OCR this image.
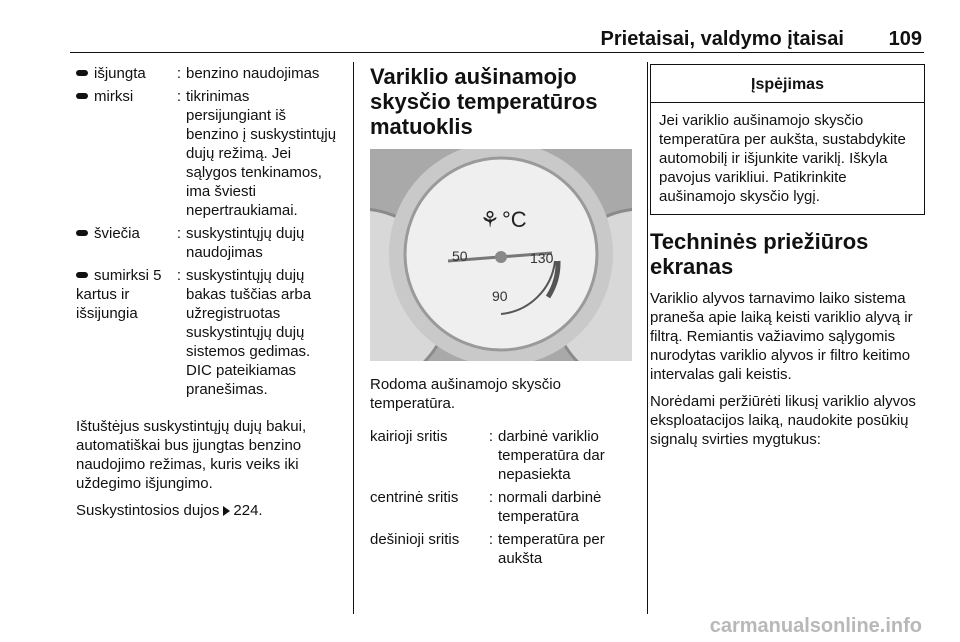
Prietaisai, valdymo įtaisai 109
išjungta	: benzino naudojimas
mirksi	: tikrinimas persijungiant iš benzino į suskystintųjų dujų režimą. Jei sąlygos tenkinamos, ima šviesti nepertraukiamai.
šviečia	: suskystintųjų dujų naudojimas
sumirksi 5 kartus ir išsijungia
: suskystintųjų dujų bakas tuščias arba užregistruotas suskystintųjų dujų sistemos gedimas. DIC pateikiamas pranešimas.

Ištuštėjus suskystintųjų dujų bakui, automatiškai bus įjungtas benzino naudojimo režimas, kuris veiks iki uždegimo išjungimo.

Suskystintosios dujos 224.

Variklio aušinamojo skysčio temperatūros matuoklis
⚘ °C
50	130
90

Rodoma aušinamojo skysčio temperatūra.

kairioji sritis	: darbinė variklio temperatūra dar nepasiekta
centrinė sritis	: normali darbinė temperatūra
dešinioji sritis	: temperatūra per aukšta
Įspėjimas
Jei variklio aušinamojo skysčio temperatūra per aukšta, sustabdykite automobilį ir išjunkite variklį. Iškyla pavojus varikliui. Patikrinkite aušinamojo skysčio lygį.
Techninės priežiūros ekranas

Variklio alyvos tarnavimo laiko sistema praneša apie laiką keisti variklio alyvą ir filtrą. Remiantis važiavimo sąlygomis nurodytas variklio alyvos ir filtro keitimo intervalas gali keistis.

Norėdami peržiūrėti likusį variklio alyvos eksploatacijos laiką, naudokite posūkių signalų svirties mygtukus:

carmanualsonline.info
